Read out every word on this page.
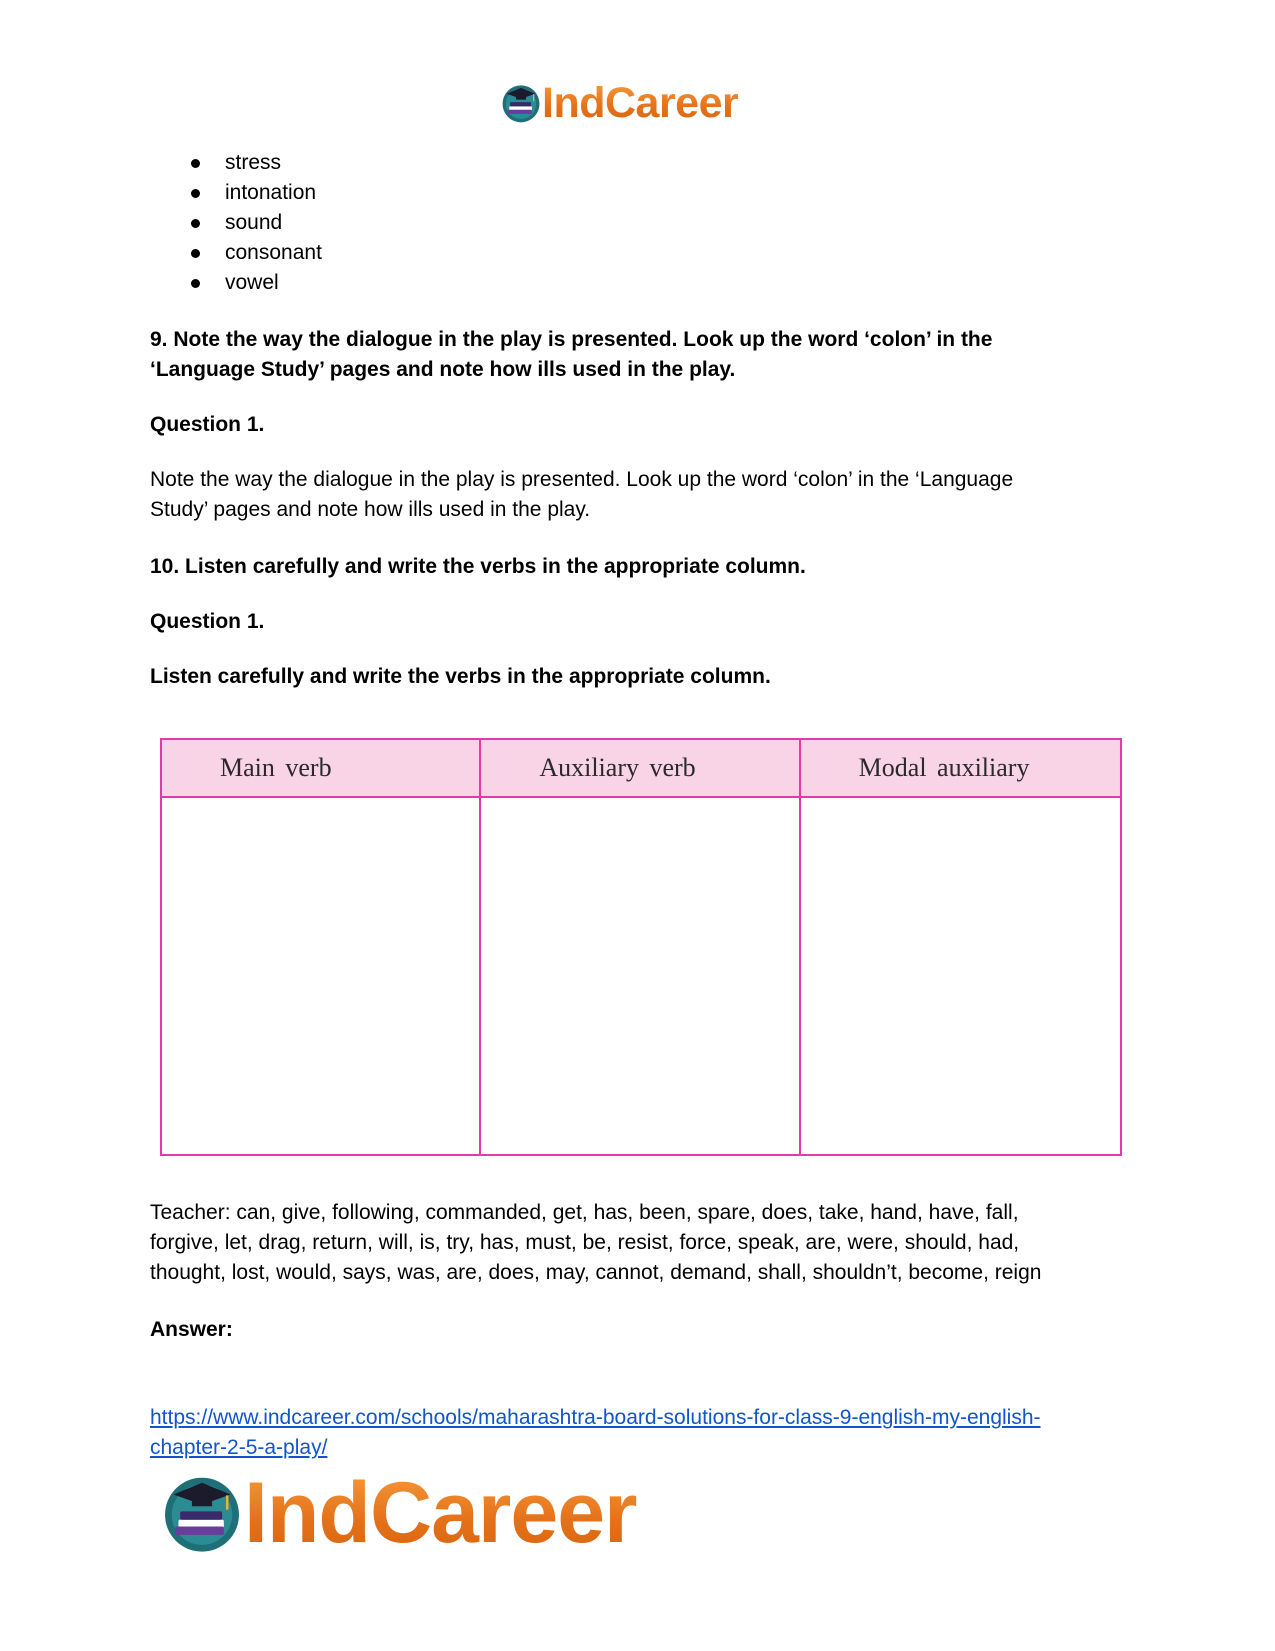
IndCareer
stress
intonation
sound
consonant
vowel

9. Note the way the dialogue in the play is presented. Look up the word ‘colon’ in the
‘Language Study’ pages and note how ills used in the play.

Question 1.

Note the way the dialogue in the play is presented. Look up the word ‘colon’ in the ‘Language
Study’ pages and note how ills used in the play.

10. Listen carefully and write the verbs in the appropriate column.

Question 1.

Listen carefully and write the verbs in the appropriate column.

Main verb	Auxiliary verb	Modal auxiliary

Teacher: can, give, following, commanded, get, has, been, spare, does, take, hand, have, fall,
forgive, let, drag, return, will, is, try, has, must, be, resist, force, speak, are, were, should, had,
thought, lost, would, says, was, are, does, may, cannot, demand, shall, shouldn’t, become, reign

Answer:

https://www.indcareer.com/schools/maharashtra-board-solutions-for-class-9-english-my-english-
chapter-2-5-a-play/

IndCareer
